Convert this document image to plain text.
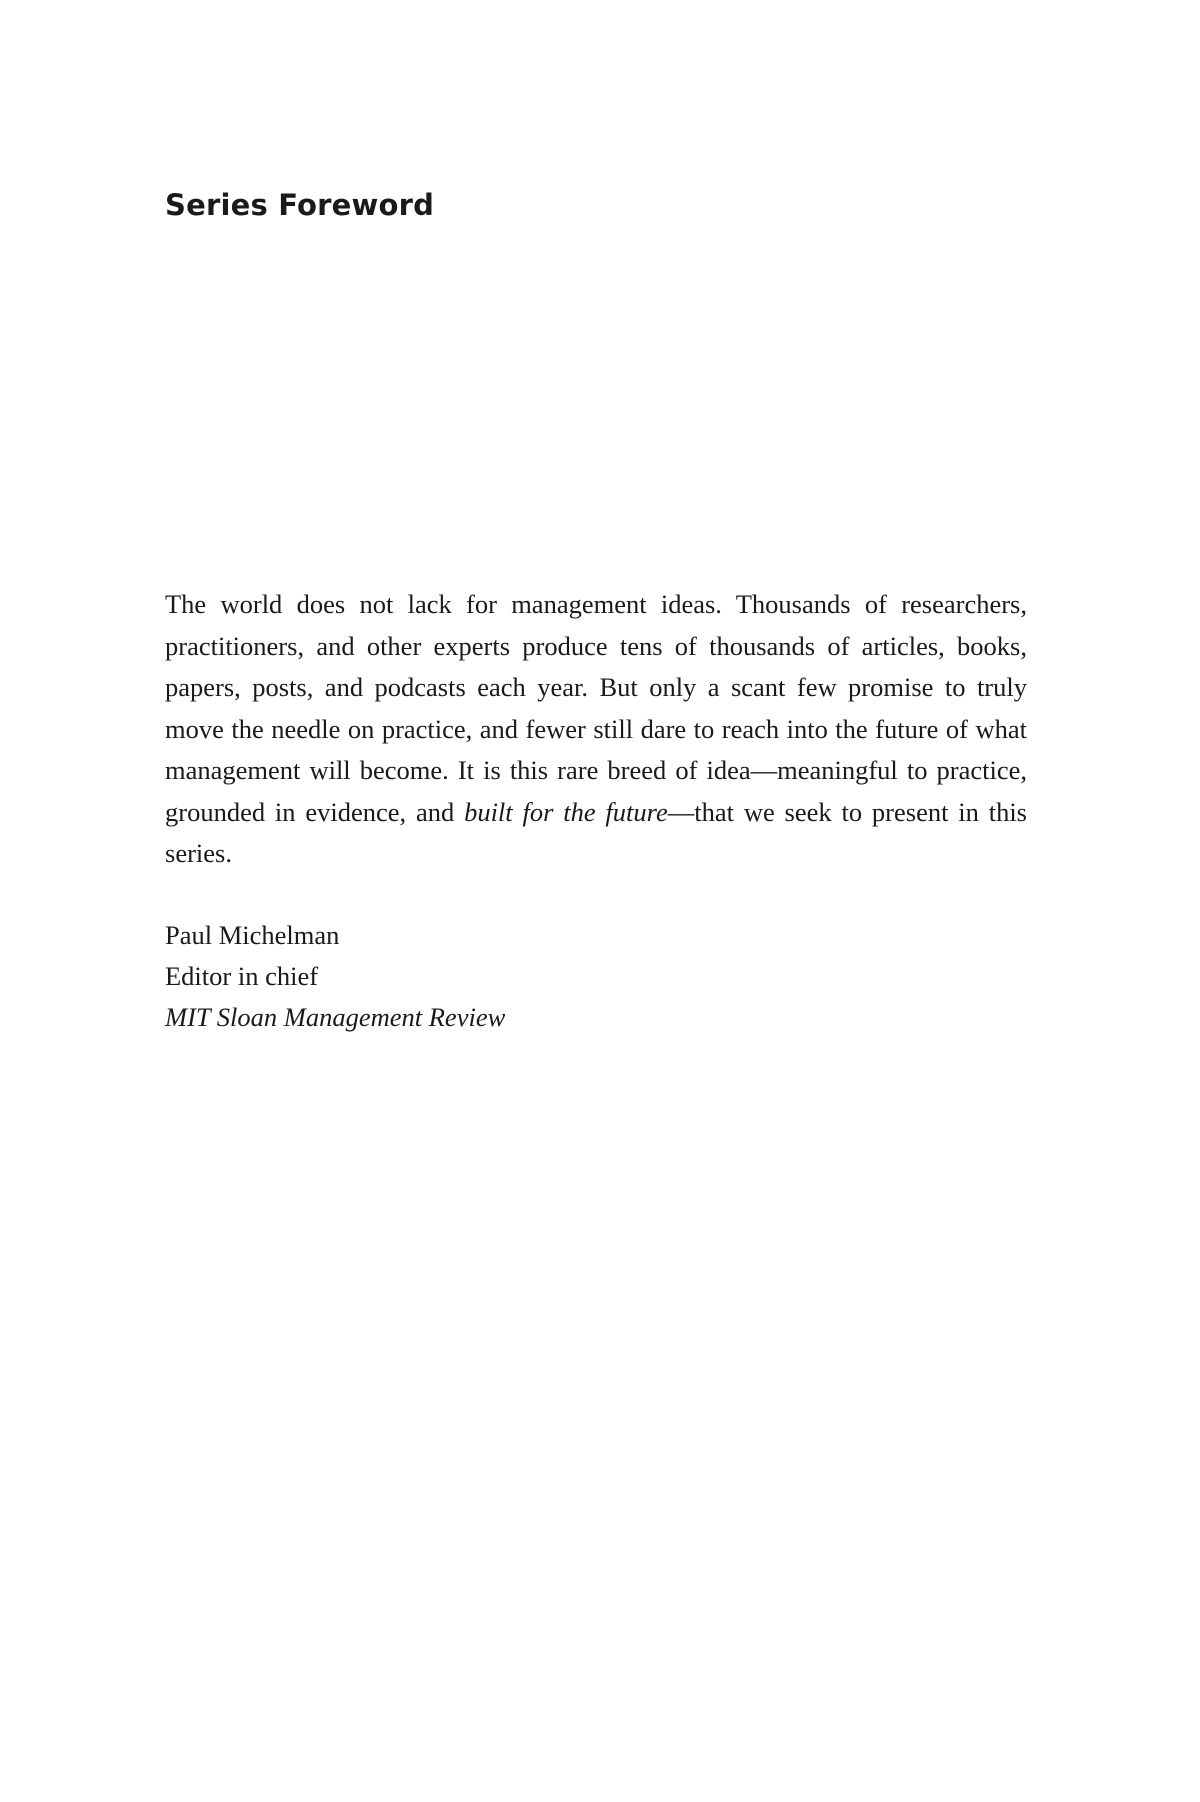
Series Foreword

The world does not lack for management ideas. Thousands of researchers, practitioners, and other experts produce tens of thousands of articles, books, papers, posts, and podcasts each year. But only a scant few promise to truly move the needle on practice, and fewer still dare to reach into the future of what management will become. It is this rare breed of idea—meaningful to practice, grounded in evidence, and built for the future—that we seek to present in this series.

Paul Michelman
Editor in chief
MIT Sloan Management Review
